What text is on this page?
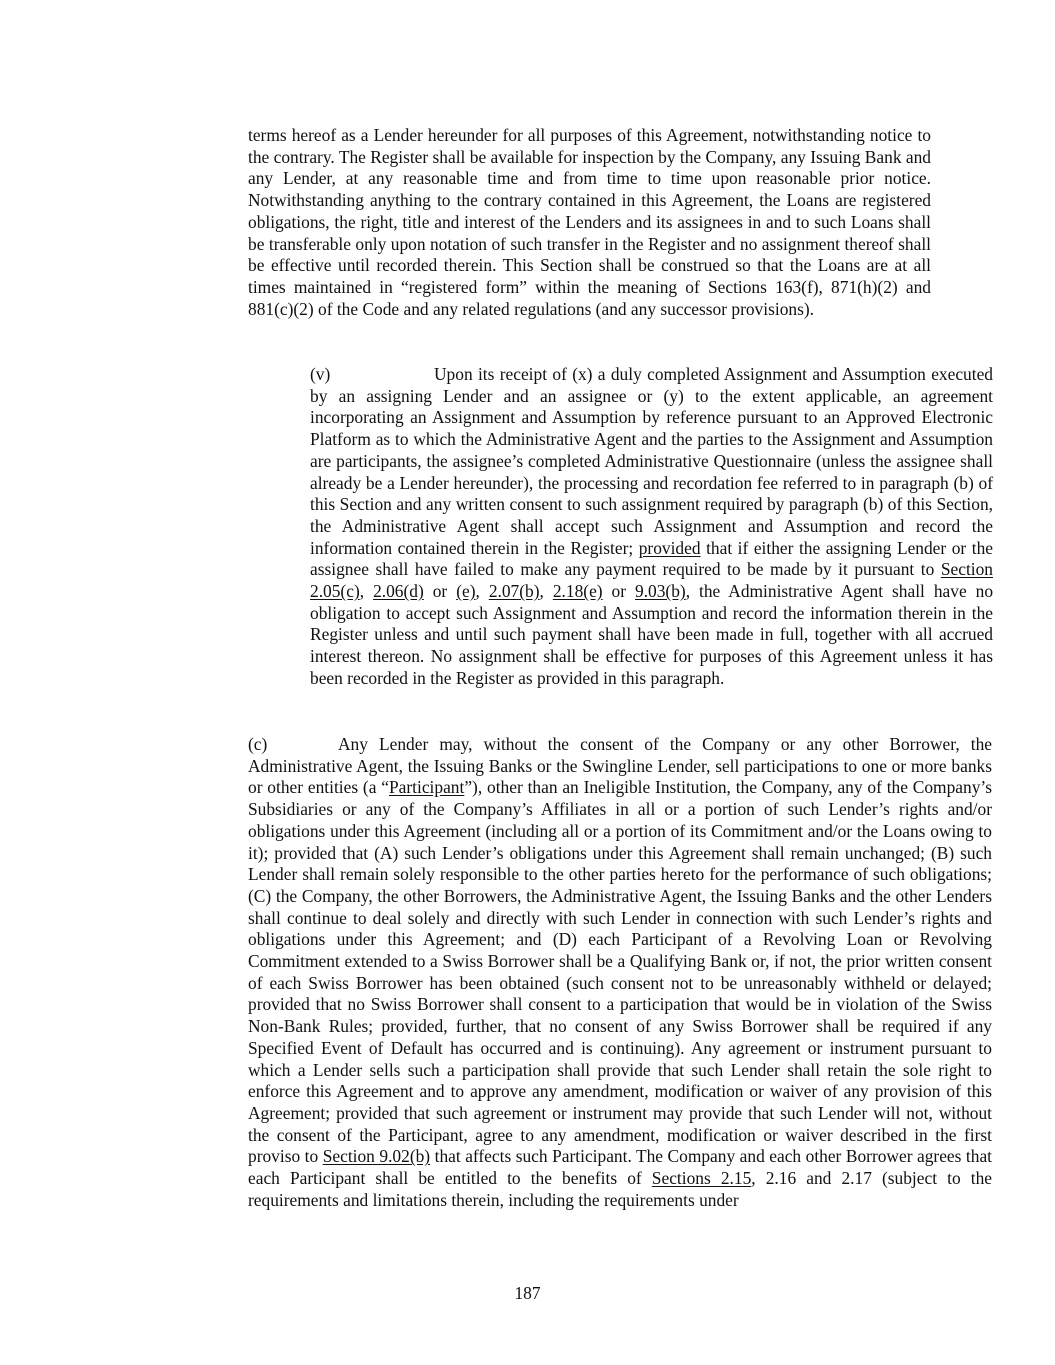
terms hereof as a Lender hereunder for all purposes of this Agreement, notwithstanding notice to the contrary. The Register shall be available for inspection by the Company, any Issuing Bank and any Lender, at any reasonable time and from time to time upon reasonable prior notice. Notwithstanding anything to the contrary contained in this Agreement, the Loans are registered obligations, the right, title and interest of the Lenders and its assignees in and to such Loans shall be transferable only upon notation of such transfer in the Register and no assignment thereof shall be effective until recorded therein. This Section shall be construed so that the Loans are at all times maintained in “registered form” within the meaning of Sections 163(f), 871(h)(2) and 881(c)(2) of the Code and any related regulations (and any successor provisions).

(v)	Upon its receipt of (x) a duly completed Assignment and Assumption executed by an assigning Lender and an assignee or (y) to the extent applicable, an agreement incorporating an Assignment and Assumption by reference pursuant to an Approved Electronic Platform as to which the Administrative Agent and the parties to the Assignment and Assumption are participants, the assignee’s completed Administrative Questionnaire (unless the assignee shall already be a Lender hereunder), the processing and recordation fee referred to in paragraph (b) of this Section and any written consent to such assignment required by paragraph (b) of this Section, the Administrative Agent shall accept such Assignment and Assumption and record the information contained therein in the Register; provided that if either the assigning Lender or the assignee shall have failed to make any payment required to be made by it pursuant to Section 2.05(c), 2.06(d) or (e), 2.07(b), 2.18(e) or 9.03(b), the Administrative Agent shall have no obligation to accept such Assignment and Assumption and record the information therein in the Register unless and until such payment shall have been made in full, together with all accrued interest thereon. No assignment shall be effective for purposes of this Agreement unless it has been recorded in the Register as provided in this paragraph.

(c)	Any Lender may, without the consent of the Company or any other Borrower, the Administrative Agent, the Issuing Banks or the Swingline Lender, sell participations to one or more banks or other entities (a “Participant”), other than an Ineligible Institution, the Company, any of the Company’s Subsidiaries or any of the Company’s Affiliates in all or a portion of such Lender’s rights and/or obligations under this Agreement (including all or a portion of its Commitment and/or the Loans owing to it); provided that (A) such Lender’s obligations under this Agreement shall remain unchanged; (B) such Lender shall remain solely responsible to the other parties hereto for the performance of such obligations; (C) the Company, the other Borrowers, the Administrative Agent, the Issuing Banks and the other Lenders shall continue to deal solely and directly with such Lender in connection with such Lender’s rights and obligations under this Agreement; and (D) each Participant of a Revolving Loan or Revolving Commitment extended to a Swiss Borrower shall be a Qualifying Bank or, if not, the prior written consent of each Swiss Borrower has been obtained (such consent not to be unreasonably withheld or delayed; provided that no Swiss Borrower shall consent to a participation that would be in violation of the Swiss Non-Bank Rules; provided, further, that no consent of any Swiss Borrower shall be required if any Specified Event of Default has occurred and is continuing). Any agreement or instrument pursuant to which a Lender sells such a participation shall provide that such Lender shall retain the sole right to enforce this Agreement and to approve any amendment, modification or waiver of any provision of this Agreement; provided that such agreement or instrument may provide that such Lender will not, without the consent of the Participant, agree to any amendment, modification or waiver described in the first proviso to Section 9.02(b) that affects such Participant. The Company and each other Borrower agrees that each Participant shall be entitled to the benefits of Sections 2.15, 2.16 and 2.17 (subject to the requirements and limitations therein, including the requirements under

187
